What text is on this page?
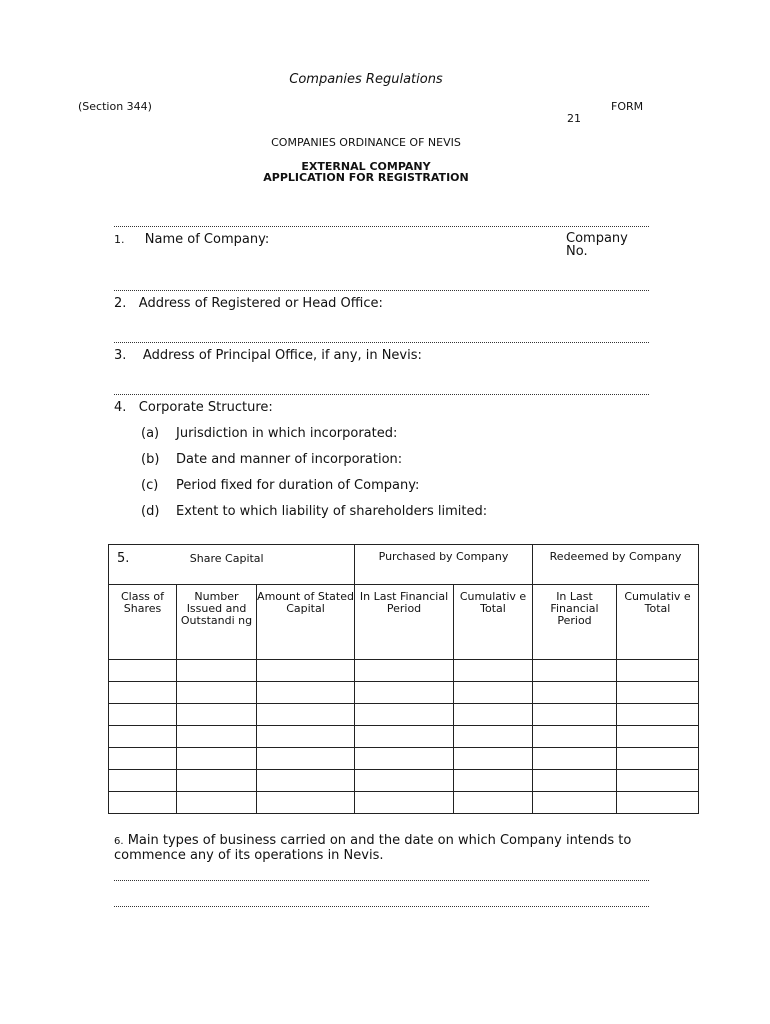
Companies Regulations
(Section 344)	FORM
21
COMPANIES ORDINANCE OF NEVIS
EXTERNAL COMPANY
APPLICATION FOR REGISTRATION
1. Name of Company:	Company No.
2.   Address of Registered or Head Office:
3.    Address of Principal Office, if any, in Nevis:
4.   Corporate Structure:
(a) Jurisdiction in which incorporated:
(b) Date and manner of incorporation:
(c) Period fixed for duration of Company:
(d) Extent to which liability of shareholders limited:
5. Share Capital			Purchased by Company		Redeemed by Company	
Class of Shares	Number Issued and Outstandi ng	Amount of Stated Capital	In Last Financial Period	Cumulativ e Total	In Last Financial Period	Cumulativ e Total

6. Main types of business carried on and the date on which Company intends to commence any of its operations in Nevis.
